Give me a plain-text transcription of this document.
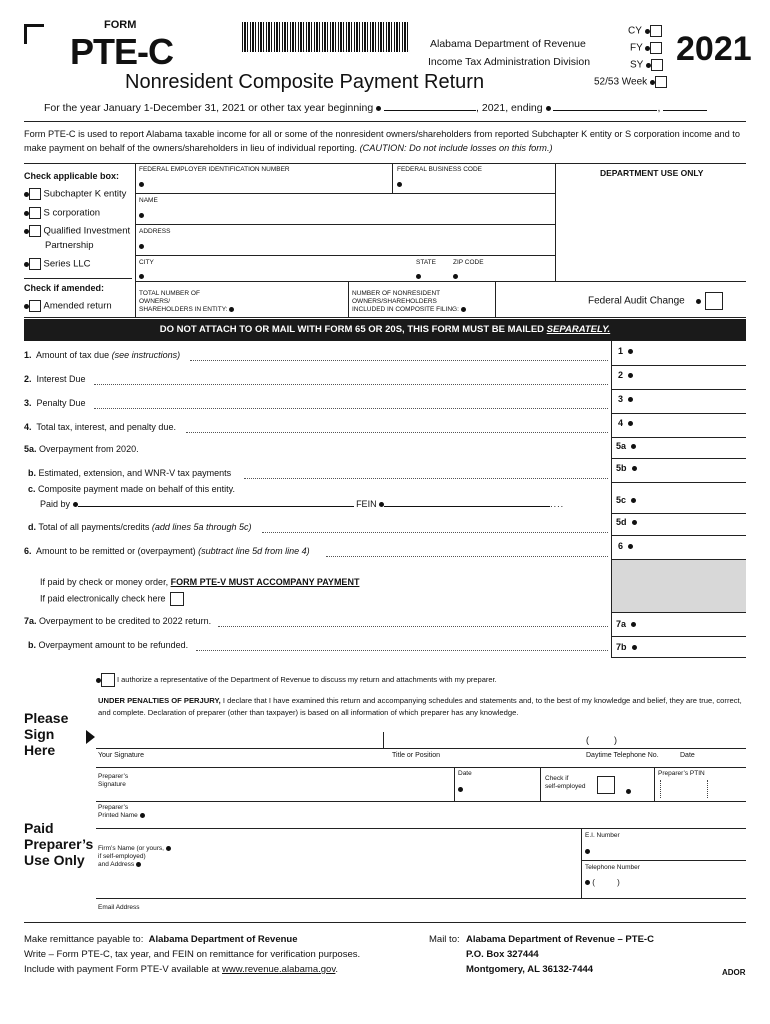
FORM
PTE-C
Nonresident Composite Payment Return
Alabama Department of Revenue
Income Tax Administration Division
CY
FY
SY
52/53 Week
2021
For the year January 1-December 31, 2021 or other tax year beginning	, 2021, ending	,
Form PTE-C is used to report Alabama taxable income for all or some of the nonresident owners/shareholders from reported Subchapter K entity or S corporation income and to make payment on behalf of the owners/shareholders in lieu of individual reporting. (CAUTION: Do not include losses on this form.)
Check applicable box:
Subchapter K entity
S corporation
Qualified Investment
Partnership
Series LLC
Check if amended:
Amended return
FEDERAL EMPLOYER IDENTIFICATION NUMBER	FEDERAL BUSINESS CODE	DEPARTMENT USE ONLY
NAME
ADDRESS
CITY	STATE	ZIP CODE
TOTAL NUMBER OF
OWNERS/
SHAREHOLDERS IN ENTITY:
NUMBER OF NONRESIDENT
OWNERS/SHAREHOLDERS
INCLUDED IN COMPOSITE FILING:
Federal Audit Change
DO NOT ATTACH TO OR MAIL WITH FORM 65 OR 20S, THIS FORM MUST BE MAILED SEPARATELY.
1. Amount of tax due (see instructions)	1
2. Interest Due	2
3. Penalty Due	3
4. Total tax, interest, and penalty due.	4
5a. Overpayment from 2020.	5a
b. Estimated, extension, and WNR-V tax payments	5b
c. Composite payment made on behalf of this entity.
Paid by	FEIN	....	5c
d. Total of all payments/credits (add lines 5a through 5c)	5d
6. Amount to be remitted or (overpayment) (subtract line 5d from line 4)	6
If paid by check or money order, FORM PTE-V MUST ACCOMPANY PAYMENT
If paid electronically check here
7a. Overpayment to be credited to 2022 return.	7a
b. Overpayment amount to be refunded.	7b
I authorize a representative of the Department of Revenue to discuss my return and attachments with my preparer.
UNDER PENALTIES OF PERJURY, I declare that I have examined this return and accompanying schedules and statements and, to the best of my knowledge and belief, they are true, correct, and complete. Declaration of preparer (other than taxpayer) is based on all information of which preparer has any knowledge.
Please
Sign
Here	Your Signature	Title or Position
(          )
Daytime Telephone No.	Date
Paid
Preparer’s
Use Only
Preparer’s
Signature
Date
Check if
self-employed
Preparer’s PTIN
Preparer’s
Printed Name
Firm’s Name (or yours,
if self-employed)
and Address
E.I. Number
Telephone Number
(          )
Email Address
Make remittance payable to: Alabama Department of Revenue
Write – Form PTE-C, tax year, and FEIN on remittance for verification purposes.
Include with payment Form PTE-V available at www.revenue.alabama.gov.
Mail to: Alabama Department of Revenue – PTE-C
P.O. Box 327444
Montgomery, AL 36132-7444	ADOR
